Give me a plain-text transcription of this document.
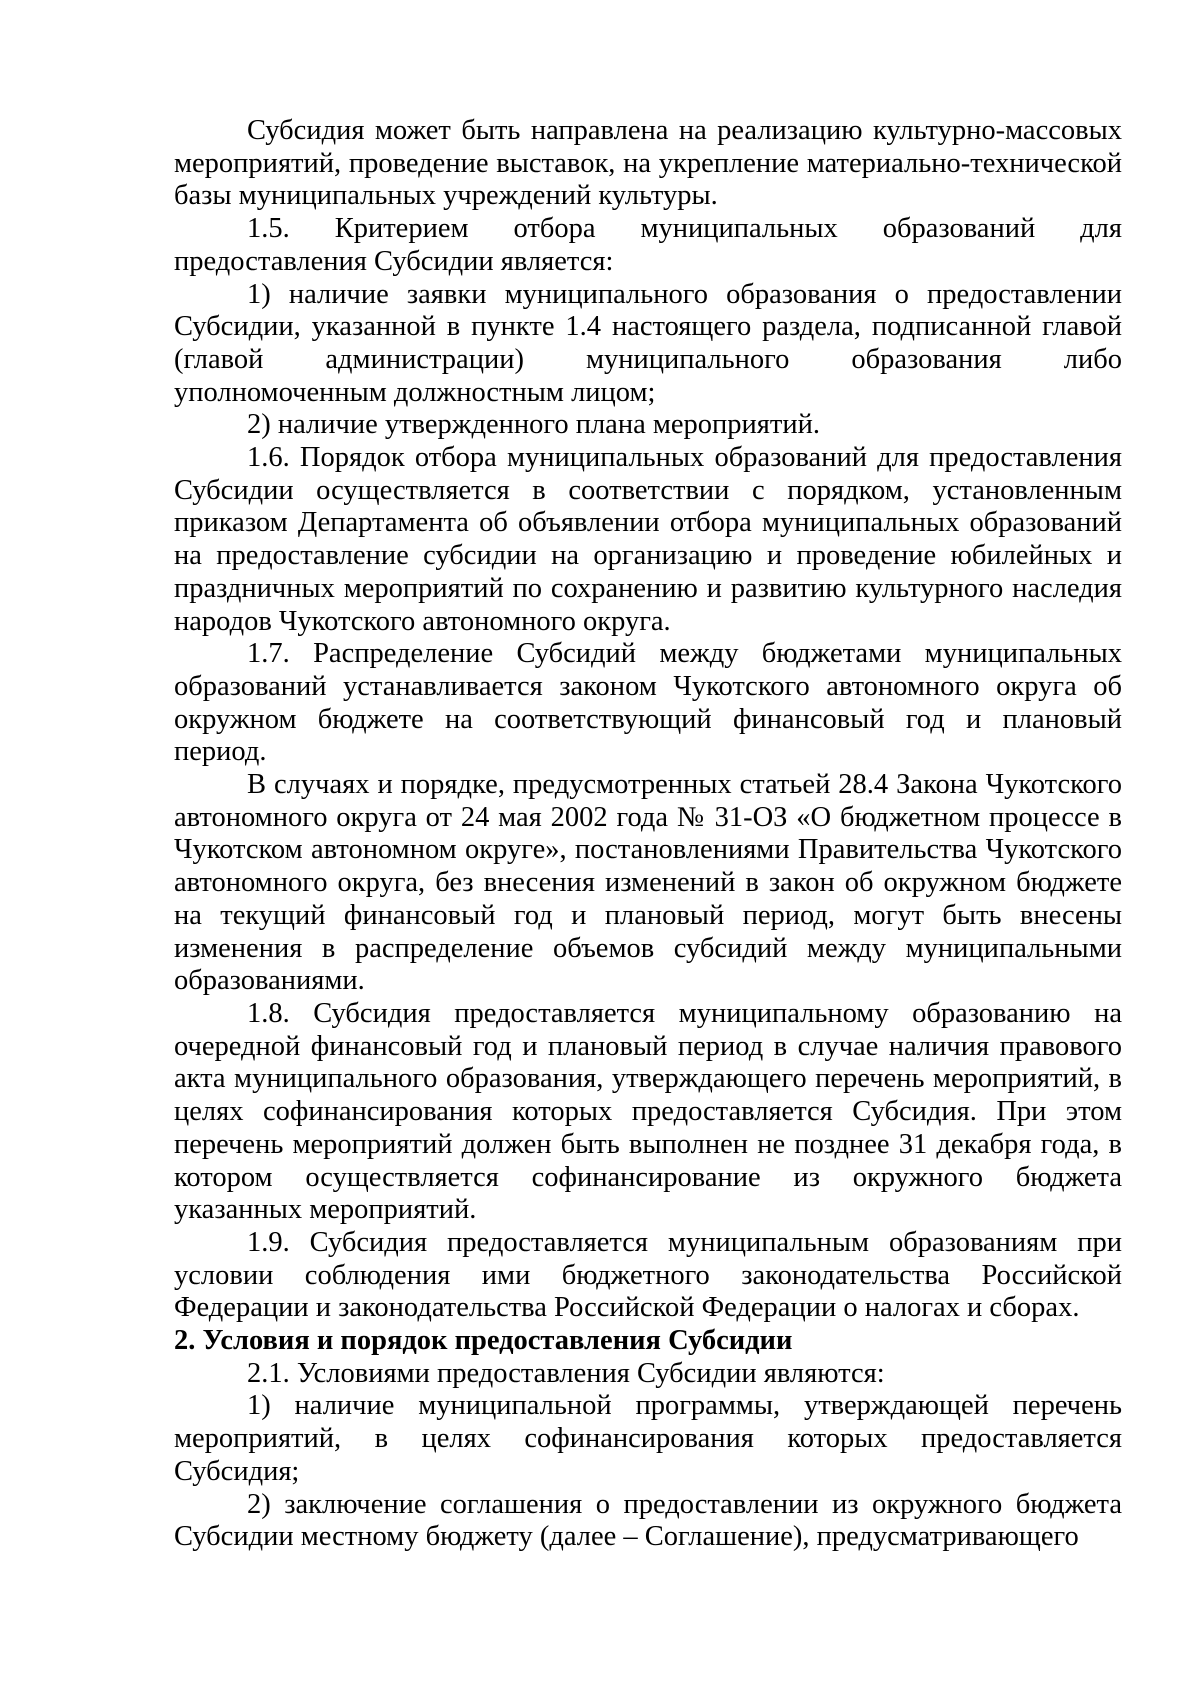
Субсидия может быть направлена на реализацию культурно-массовых мероприятий, проведение выставок, на укрепление материально-технической базы муниципальных учреждений культуры.

1.5. Критерием отбора муниципальных образований для предоставления Субсидии является:

1) наличие заявки муниципального образования о предоставлении Субсидии, указанной в пункте 1.4 настоящего раздела, подписанной главой (главой администрации) муниципального образования либо уполномоченным должностным лицом;

2) наличие утвержденного плана мероприятий.

1.6. Порядок отбора муниципальных образований для предоставления Субсидии осуществляется в соответствии с порядком, установленным приказом Департамента об объявлении отбора муниципальных образований на предоставление субсидии на организацию и проведение юбилейных и праздничных мероприятий по сохранению и развитию культурного наследия народов Чукотского автономного округа.

1.7. Распределение Субсидий между бюджетами муниципальных образований устанавливается законом Чукотского автономного округа об окружном бюджете на соответствующий финансовый год и плановый период.

В случаях и порядке, предусмотренных статьей 28.4 Закона Чукотского автономного округа от 24 мая 2002 года № 31-ОЗ «О бюджетном процессе в Чукотском автономном округе», постановлениями Правительства Чукотского автономного округа, без внесения изменений в закон об окружном бюджете на текущий финансовый год и плановый период, могут быть внесены изменения в распределение объемов субсидий между муниципальными образованиями.

1.8. Субсидия предоставляется муниципальному образованию на очередной финансовый год и плановый период в случае наличия правового акта муниципального образования, утверждающего перечень мероприятий, в целях софинансирования которых предоставляется Субсидия. При этом перечень мероприятий должен быть выполнен не позднее 31 декабря года, в котором осуществляется софинансирование из окружного бюджета указанных мероприятий.

1.9. Субсидия предоставляется муниципальным образованиям при условии соблюдения ими бюджетного законодательства Российской Федерации и законодательства Российской Федерации о налогах и сборах.

2. Условия и порядок предоставления Субсидии

2.1. Условиями предоставления Субсидии являются:

1) наличие муниципальной программы, утверждающей перечень мероприятий, в целях софинансирования которых предоставляется Субсидия;

2) заключение соглашения о предоставлении из окружного бюджета Субсидии местному бюджету (далее – Соглашение), предусматривающего
